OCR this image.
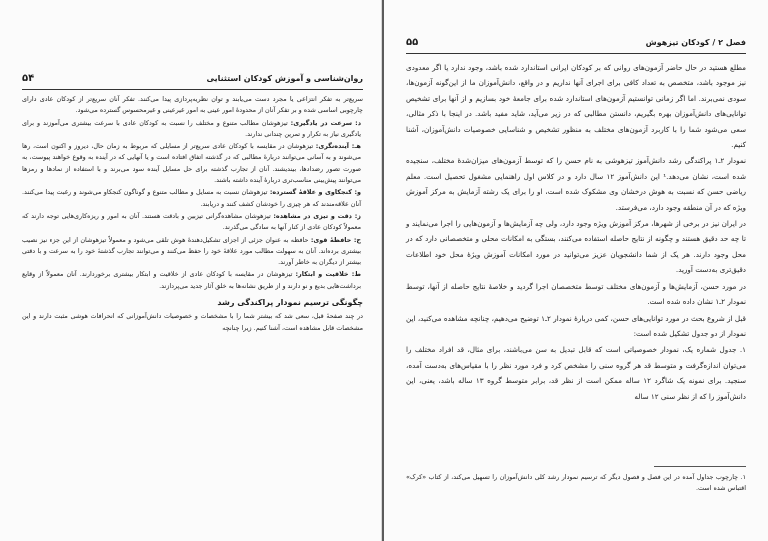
۵۴	روان‌شناسی و آموزش کودکان استثنایی

سریع‌تر به تفکر انتزاعی یا مجرد دست می‌یابند و توان نظریه‌پردازی پیدا می‌کنند. تفکر آنان سریع‌تر از کودکان عادی دارای چارچوبی اساسی شده و بر تفکر آنان از محدودهٔ امور عینی به امور غیرعینی و غیرمحسوس گسترده می‌شود.

د: سرعت در یادگیری: تیزهوشان مطالب متنوع و مختلف را نسبت به کودکان عادی با سرعت بیشتری می‌آموزند و برای یادگیری نیاز به تکرار و تمرین چندانی ندارند.
هـ: آینده‌نگری: تیزهوشان در مقایسه با کودکان عادی سریع‌تر از مسایلی که مربوط به زمان حال، دیروز و اکنون است، رها می‌شوند و به آسانی می‌توانند دربارهٔ مطالبی که در گذشته اتفاق افتاده است و یا آنهایی که در آینده به وقوع خواهند پیوست، به صورت تصور رضدادها، بیندیشند. آنان از تجارب گذشته برای حل مسایل آینده سود می‌برند و با استفاده از نمادها و رمزها می‌توانند پیش‌بینی مناسب‌تری دربارهٔ آینده داشته باشند.
و: کنجکاوی و علاقهٔ گسترده: تیزهوشان نسبت به مسایل و مطالب متنوع و گوناگون کنجکاو می‌شوند و رغبت پیدا می‌کنند. آنان علاقه‌مندند که هر چیزی را خودشان کشف کنند و دریابند.
ز: دقت و تیزی در مشاهده: تیزهوشان مشاهده‌گرانی تیزبین و بادقت هستند. آنان به امور و ریزه‌کاری‌هایی توجه دارند که معمولاً کودکان عادی از کنار آنها به سادگی می‌گذرند.
ح: حافظهٔ قوی: حافظه به عنوان جزئی از اجزای تشکیل‌دهندهٔ هوش تلقی می‌شود و معمولاً تیزهوشان از این جزء نیز نصیب بیشتری برده‌اند. آنان به سهولت مطالب مورد علاقهٔ خود را حفظ می‌کنند و می‌توانند تجارب گذشتهٔ خود را به سرعت و با دقتی بیشتر از دیگران به خاطر آورند.
ط: خلاقیت و ابتکار: تیزهوشان در مقایسه با کودکان عادی از خلاقیت و ابتکار بیشتری برخوردارند. آنان معمولاً از وقایع برداشت‌هایی بدیع و نو دارند و از طریق نشانه‌ها به خلق آثار جدید می‌پردازند.
چگونگی ترسیم نمودار پراکندگی رشد

در چند صفحهٔ قبل، سعی شد که بیشتر شما را با مشخصات و خصوصیات دانش‌آموزانی که انحرافات هوشی مثبت دارند و این مشخصات قابل مشاهده است، آشنا کنیم. زیرا چنانچه

۵۵	فصل ۲ / کودکان تیزهوش

مطلع هستید در حال حاضر آزمون‌های روانی که بر کودکان ایرانی استاندارد شده باشد، وجود ندارد یا اگر معدودی نیز موجود باشد، متخصص به تعداد کافی برای اجرای آنها نداریم و در واقع، دانش‌آموزان ما از این‌گونه آزمون‌ها، سودی نمی‌برند. اما اگر زمانی توانستیم آزمون‌های استاندارد شده برای جامعهٔ خود بسازیم و از آنها برای تشخیص توانایی‌های دانش‌آموزان بهره بگیریم، دانستن مطالبی که در زیر می‌آید، شاید مفید باشد. در اینجا با ذکر مثالی، سعی می‌شود شما را با کاربرد آزمون‌های مختلف به منظور تشخیص و شناسایی خصوصیات دانش‌آموزان، آشنا کنیم.

نمودار ۲ـ۱ پراکندگی رشد دانش‌آموز تیزهوشی به نام حسن را که توسط آزمون‌های میزان‌شدهٔ مختلف، سنجیده شده است، نشان می‌دهد.¹ این دانش‌آموز ۱۲ سال دارد و در کلاس اول راهنمایی مشغول تحصیل است. معلم ریاضی حسن که نسبت به هوش درخشان وی مشکوک شده است، او را برای یک رشته آزمایش به مرکز آموزش ویژه که در آن منطقه وجود دارد، می‌فرستد.

در ایران نیز در برخی از شهرها، مرکز آموزش ویژه وجود دارد، ولی چه آزمایش‌ها و آزمون‌هایی را اجرا می‌نمایند و تا چه حد دقیق هستند و چگونه از نتایج حاصله استفاده می‌کنند، بستگی به امکانات محلی و متخصصانی دارد که در محل وجود دارند. هر یک از شما دانشجویان عزیز می‌توانید در مورد امکانات آموزش ویژهٔ محل خود اطلاعات دقیق‌تری به‌دست آورید.

در مورد حسن، آزمایش‌ها و آزمون‌های مختلف توسط متخصصان اجرا گردید و خلاصهٔ نتایج حاصله از آنها، توسط نمودار ۲ـ۱ نشان داده شده است.

قبل از شروع بحث در مورد توانایی‌های حسن، کمی دربارهٔ نمودار ۲ـ۱ توضیح می‌دهیم، چنانچه مشاهده می‌کنید، این نمودار از دو جدول تشکیل شده است:

۱. جدول شماره یک، نمودار خصوصیاتی است که قابل تبدیل به سن می‌باشند، برای مثال، قد افراد مختلف را می‌توان اندازه‌گرفت و متوسط قد هر گروه سنی را مشخص کرد و فرد مورد نظر را با مقیاس‌های به‌دست آمده، سنجید. برای نمونه یک شاگرد ۱۲ ساله ممکن است از نظر قد، برابر متوسط گروه ۱۳ ساله باشد، یعنی، این دانش‌آموز را که از نظر سنی ۱۲ ساله

۱. چارچوب جداول آمده در این فصل و فصول دیگر که ترسیم نمودار رشد کلی دانش‌آموزان را تسهیل می‌کند، از کتاب «کرک» اقتباس شده است.
